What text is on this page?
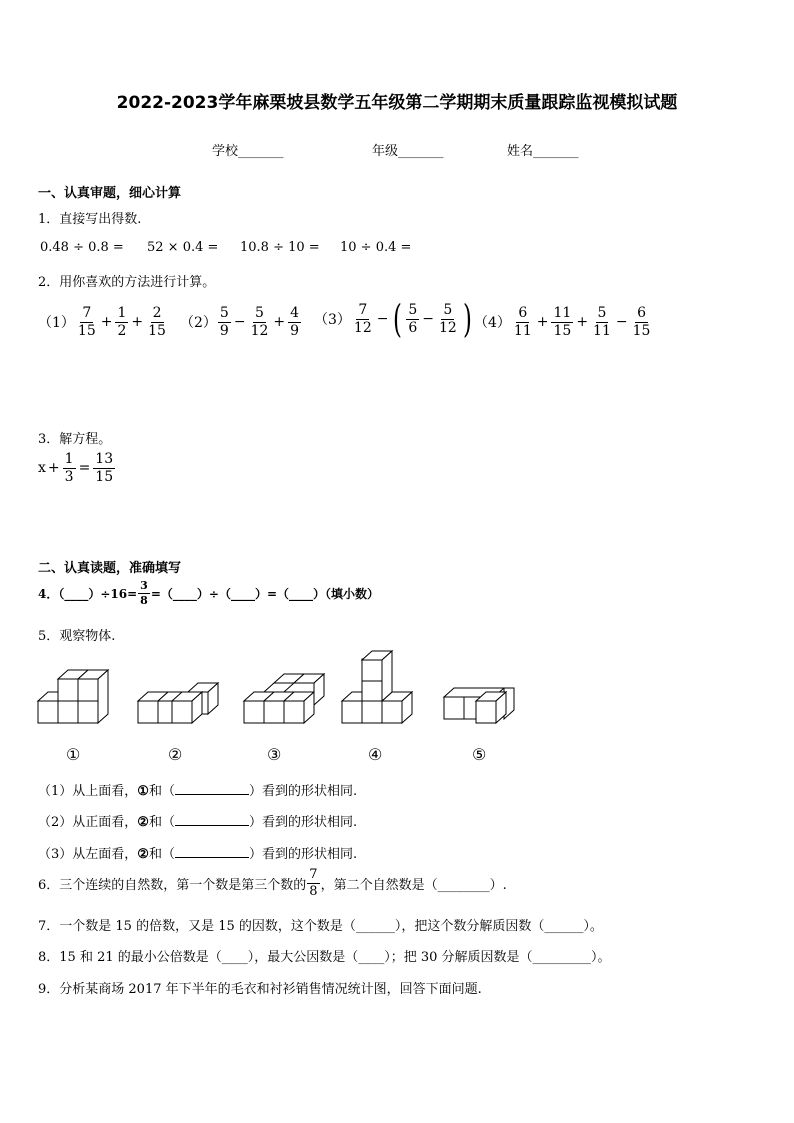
2022-2023学年麻栗坡县数学五年级第二学期期末质量跟踪监视模拟试题
学校_______	年级_______	姓名_______
一、认真审题，细心计算
1．直接写出得数.
0.48 ÷ 0.8 = 52 × 0.4 = 10.8 ÷ 10 = 10 ÷ 0.4 =
2．用你喜欢的方法进行计算。
$(1) \frac{7}{15} + \frac{1}{2} + \frac{2}{15} (2) \frac{5}{9} - \frac{5}{12} + \frac{4}{9} (3) \frac{7}{12}$ − ( $\frac{5}{6} - \frac{5}{12}$ ) $(4) \frac{6}{11} + \frac{11}{15} + \frac{5}{11} - \frac{6}{15}$
3．解方程。
$x + \frac{1}{3} = \frac{13}{15}$
二、认真读题，准确填写
4．（____）÷16= $\frac{3}{8}$ =（____）÷（____）=（____）（填小数）
5．观察物体.
①	②	③	④	⑤
（1）从上面看，①和（	）看到的形状相同.
（2）从正面看，②和（	）看到的形状相同.
（3）从左面看，②和（	）看到的形状相同.
6．三个连续的自然数，第一个数是第三个数的 $\frac{7}{8}$ ，第二个自然数是（________）.
7．一个数是 15 的倍数，又是 15 的因数，这个数是（______），把这个数分解质因数（______）。
8．15 和 21 的最小公倍数是（____），最大公因数是（____）；把 30 分解质因数是（_________）。
9．分析某商场 2017 年下半年的毛衣和衬衫销售情况统计图，回答下面问题.
